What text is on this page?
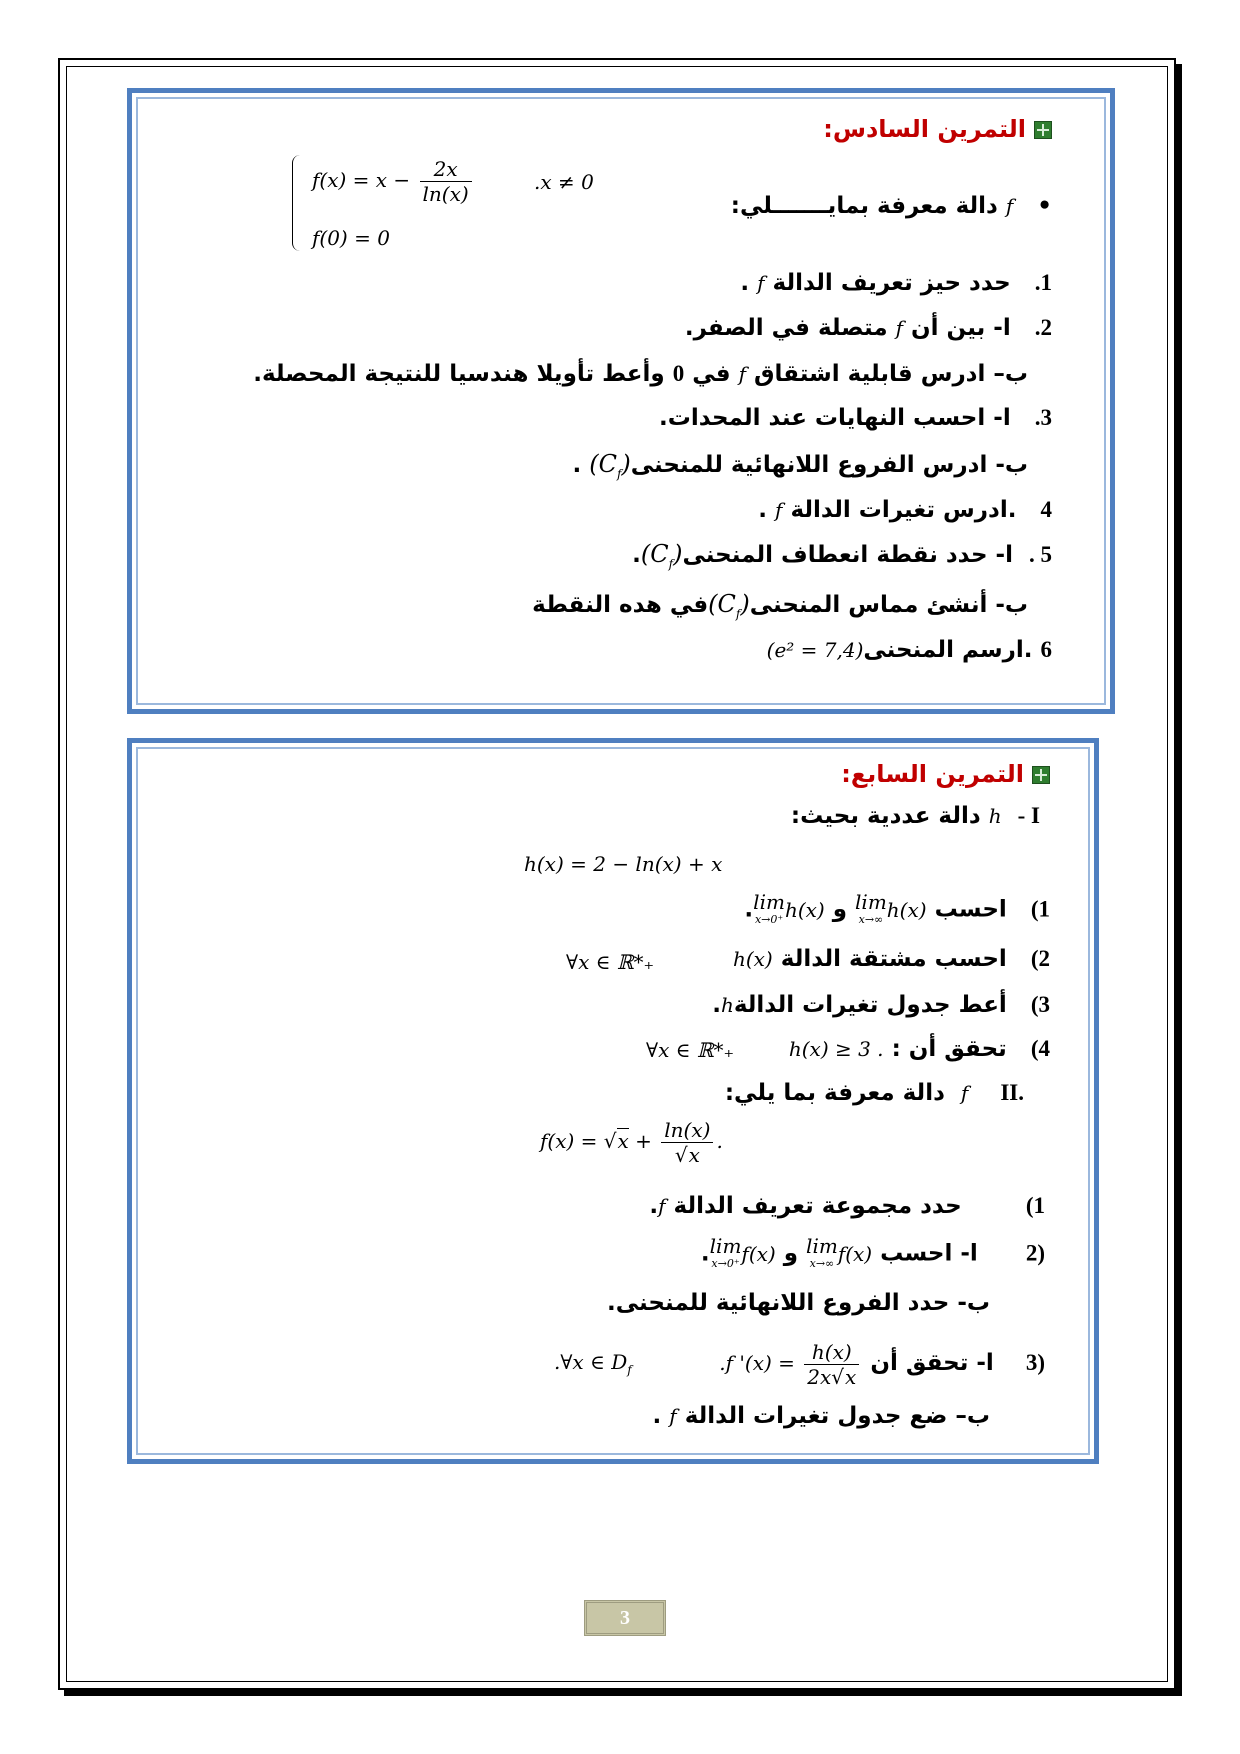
التمرين السادس:
•   f دالة معرفة بمايـــــــلي:
$f(x) = x - \frac{2x}{\ln(x)}$	.x ≠ 0
f(0) = 0
1.   حدد حيز تعريف الدالة f .
2.   ا- بين أن f متصلة في الصفر.
ب– ادرس قابلية اشتقاق f في 0 وأعط تأويلا هندسيا للنتيجة المحصلة.
3.   ا- احسب النهايات عند المحدات.
ب- ادرس الفروع اللانهائية $للمنحنى(C_f)$ .
4   .ادرس تغيرات الدالة f .
5 .  ا- حدد نقطة انعطاف $المنحنى(C_f)$.
ب- أنشئ مماس $المنحنى(C_f)في$ هده النقطة
6 .ارسم المنحنى(e² = 7,4)
التمرين السابع:
I -  h دالة عددية بحيث:
h(x) = 2 − ln(x) + x
1)   احسب lim
x→∞ h(x) و lim
x→0⁺ h(x).
2)   احسب مشتقة الدالة h(x)
∀x ∈ ℝ*₊
3)   أعط جدول تغيرات الدالةh.
4)   تحقق أن : h(x) ≥ 3 .
∀x ∈ ℝ*₊
.II    f  دالة معرفة بما يلي:
$f(x) = √x + \frac{\ln(x)}{√x}$ .
1)        حدد مجموعة تعريف الدالة f.
(2      ا- احسب lim
x→∞ f(x) و lim
x→0⁺ f(x).
ب- حدد الفروع اللانهائية للمنحنى.
(3    ا- تحقق أن .f '$(x) = \frac{h(x)}{2x√x}$
.∀x ∈ $D_f$
ب– ضع جدول تغيرات الدالة f .
3
